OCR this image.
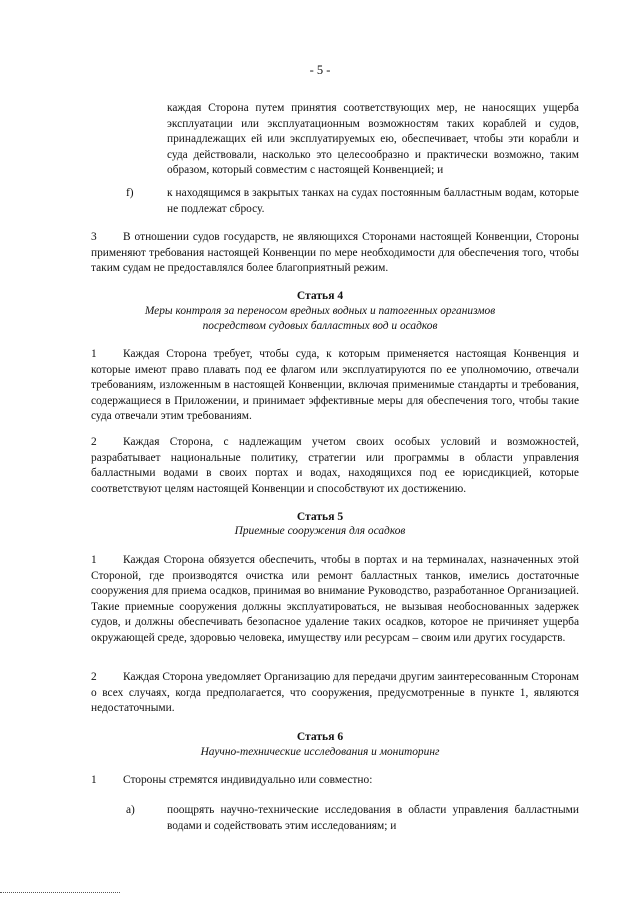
- 5 -
каждая Сторона путем принятия соответствующих мер, не наносящих ущерба эксплуатации или эксплуатационным возможностям таких кораблей и судов, принадлежащих ей или эксплуатируемых ею, обеспечивает, чтобы эти корабли и суда действовали, насколько это целесообразно и практически возможно, таким образом, который совместим с настоящей Конвенцией; и
f)	к находящимся в закрытых танках на судах постоянным балластным водам, которые не подлежат сбросу.
3	В отношении судов государств, не являющихся Сторонами настоящей Конвенции, Стороны применяют требования настоящей Конвенции по мере необходимости для обеспечения того, чтобы таким судам не предоставлялся более благоприятный режим.
Статья 4
Меры контроля за переносом вредных водных и патогенных организмов
посредством судовых балластных вод и осадков
1	Каждая Сторона требует, чтобы суда, к которым применяется настоящая Конвенция и которые имеют право плавать под ее флагом или эксплуатируются по ее уполномочию, отвечали требованиям, изложенным в настоящей Конвенции, включая применимые стандарты и требования, содержащиеся в Приложении, и принимает эффективные меры для обеспечения того, чтобы такие суда отвечали этим требованиям.
2	Каждая Сторона, с надлежащим учетом своих особых условий и возможностей, разрабатывает национальные политику, стратегии или программы в области управления балластными водами в своих портах и водах, находящихся под ее юрисдикцией, которые соответствуют целям настоящей Конвенции и способствуют их достижению.
Статья 5
Приемные сооружения для осадков
1	Каждая Сторона обязуется обеспечить, чтобы в портах и на терминалах, назначенных этой Стороной, где производятся очистка или ремонт балластных танков, имелись достаточные сооружения для приема осадков, принимая во внимание Руководство, разработанное Организацией. Такие приемные сооружения должны эксплуатироваться, не вызывая необоснованных задержек судов, и должны обеспечивать безопасное удаление таких осадков, которое не причиняет ущерба окружающей среде, здоровью человека, имуществу или ресурсам – своим или других государств.
2	Каждая Сторона уведомляет Организацию для передачи другим заинтересованным Сторонам о всех случаях, когда предполагается, что сооружения, предусмотренные в пункте 1, являются недостаточными.
Статья 6
Научно-технические исследования и мониторинг
1 Стороны стремятся индивидуально или совместно:
а)	поощрять научно-технические исследования в области управления балластными водами и содействовать этим исследованиям; и
